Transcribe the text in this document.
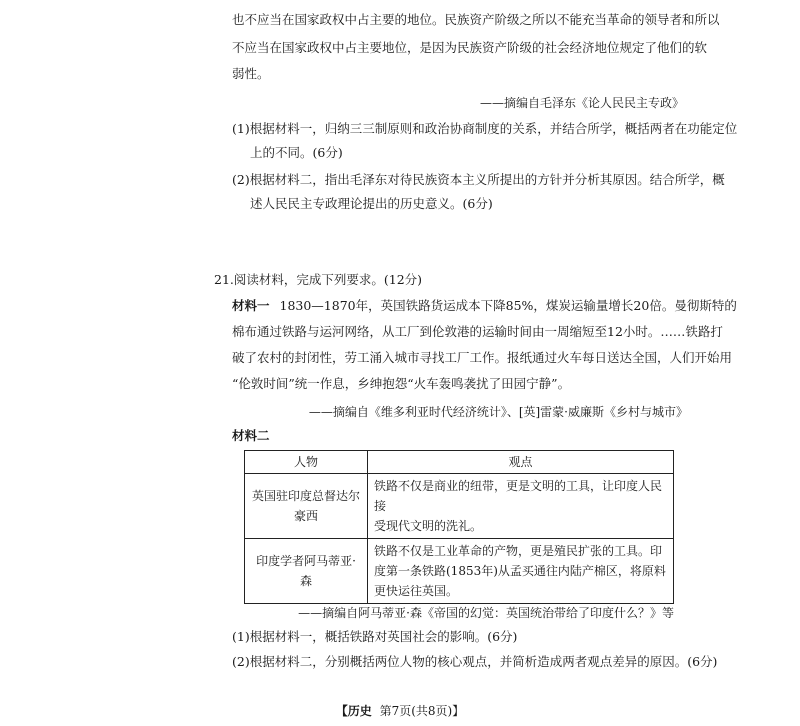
也不应当在国家政权中占主要的地位。民族资产阶级之所以不能充当革命的领导者和所以
不应当在国家政权中占主要地位，是因为民族资产阶级的社会经济地位规定了他们的软
弱性。
——摘编自毛泽东《论人民民主专政》
(1)根据材料一，归纳三三制原则和政治协商制度的关系，并结合所学，概括两者在功能定位
上的不同。(6分)
(2)根据材料二，指出毛泽东对待民族资本主义所提出的方针并分析其原因。结合所学，概
述人民民主专政理论提出的历史意义。(6分)
21.阅读材料，完成下列要求。(12分)
材料一 1830—1870年，英国铁路货运成本下降85%，煤炭运输量增长20倍。曼彻斯特的
棉布通过铁路与运河网络，从工厂到伦敦港的运输时间由一周缩短至12小时。……铁路打
破了农村的封闭性，劳工涌入城市寻找工厂工作。报纸通过火车每日送达全国，人们开始用
“伦敦时间”统一作息，乡绅抱怨“火车轰鸣袭扰了田园宁静”。
——摘编自《维多利亚时代经济统计》、[英]雷蒙·威廉斯《乡村与城市》
材料二
人物	观点
英国驻印度总督达尔豪西	铁路不仅是商业的纽带，更是文明的工具，让印度人民接
受现代文明的洗礼。

印度学者阿马蒂亚·森	铁路不仅是工业革命的产物，更是殖民扩张的工具。印
度第一条铁路(1853年)从孟买通往内陆产棉区，将原料
更快运往英国。
——摘编自阿马蒂亚·森《帝国的幻觉：英国统治带给了印度什么？》等
(1)根据材料一，概括铁路对英国社会的影响。(6分)
(2)根据材料二，分别概括两位人物的核心观点，并简析造成两者观点差异的原因。(6分)
【历史 第7页(共8页)】
